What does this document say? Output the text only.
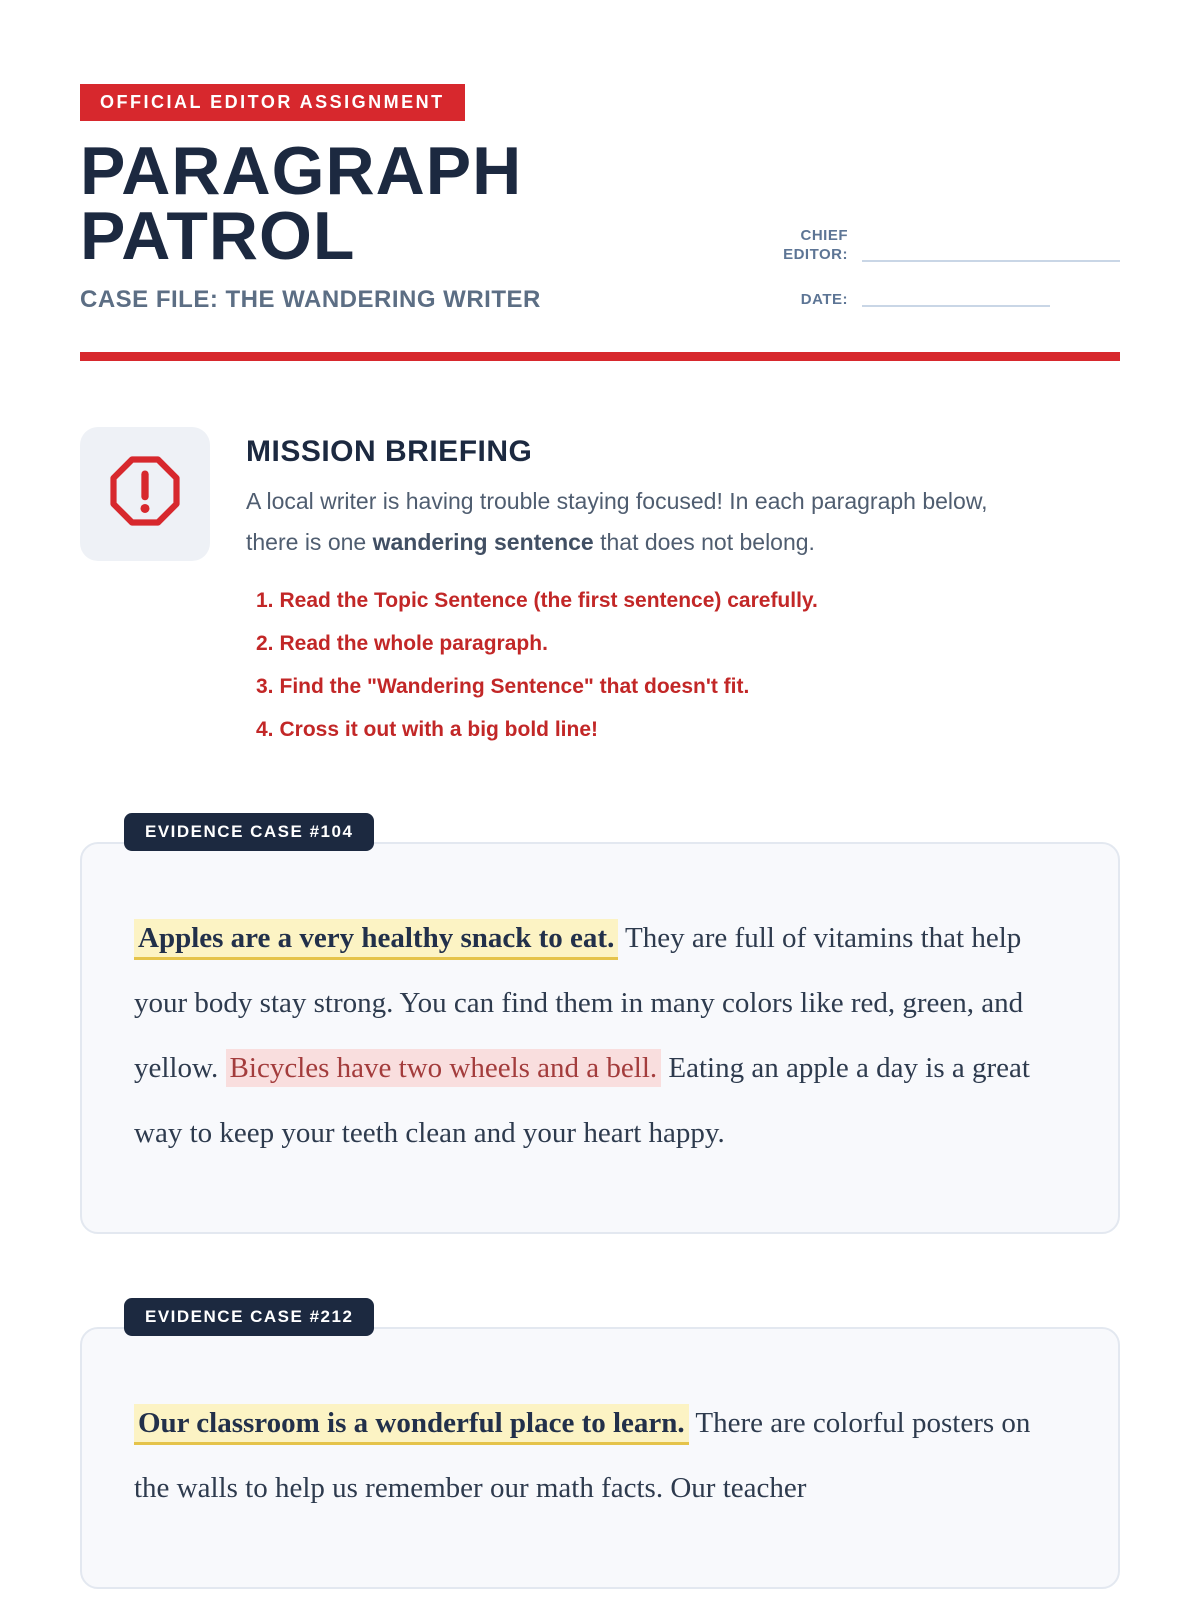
OFFICIAL EDITOR ASSIGNMENT
PARAGRAPH
PATROL
CASE FILE: THE WANDERING WRITER
CHIEF EDITOR:
DATE:
MISSION BRIEFING

A local writer is having trouble staying focused! In each paragraph below, there is one wandering sentence that does not belong.

1. Read the Topic Sentence (the first sentence) carefully.
2. Read the whole paragraph.
3. Find the "Wandering Sentence" that doesn't fit.
4. Cross it out with a big bold line!
EVIDENCE CASE #104

Apples are a very healthy snack to eat. They are full of vitamins that help your body stay strong. You can find them in many colors like red, green, and yellow. Bicycles have two wheels and a bell. Eating an apple a day is a great way to keep your teeth clean and your heart happy.

EVIDENCE CASE #212

Our classroom is a wonderful place to learn. There are colorful posters on the walls to help us remember our math facts. Our teacher
